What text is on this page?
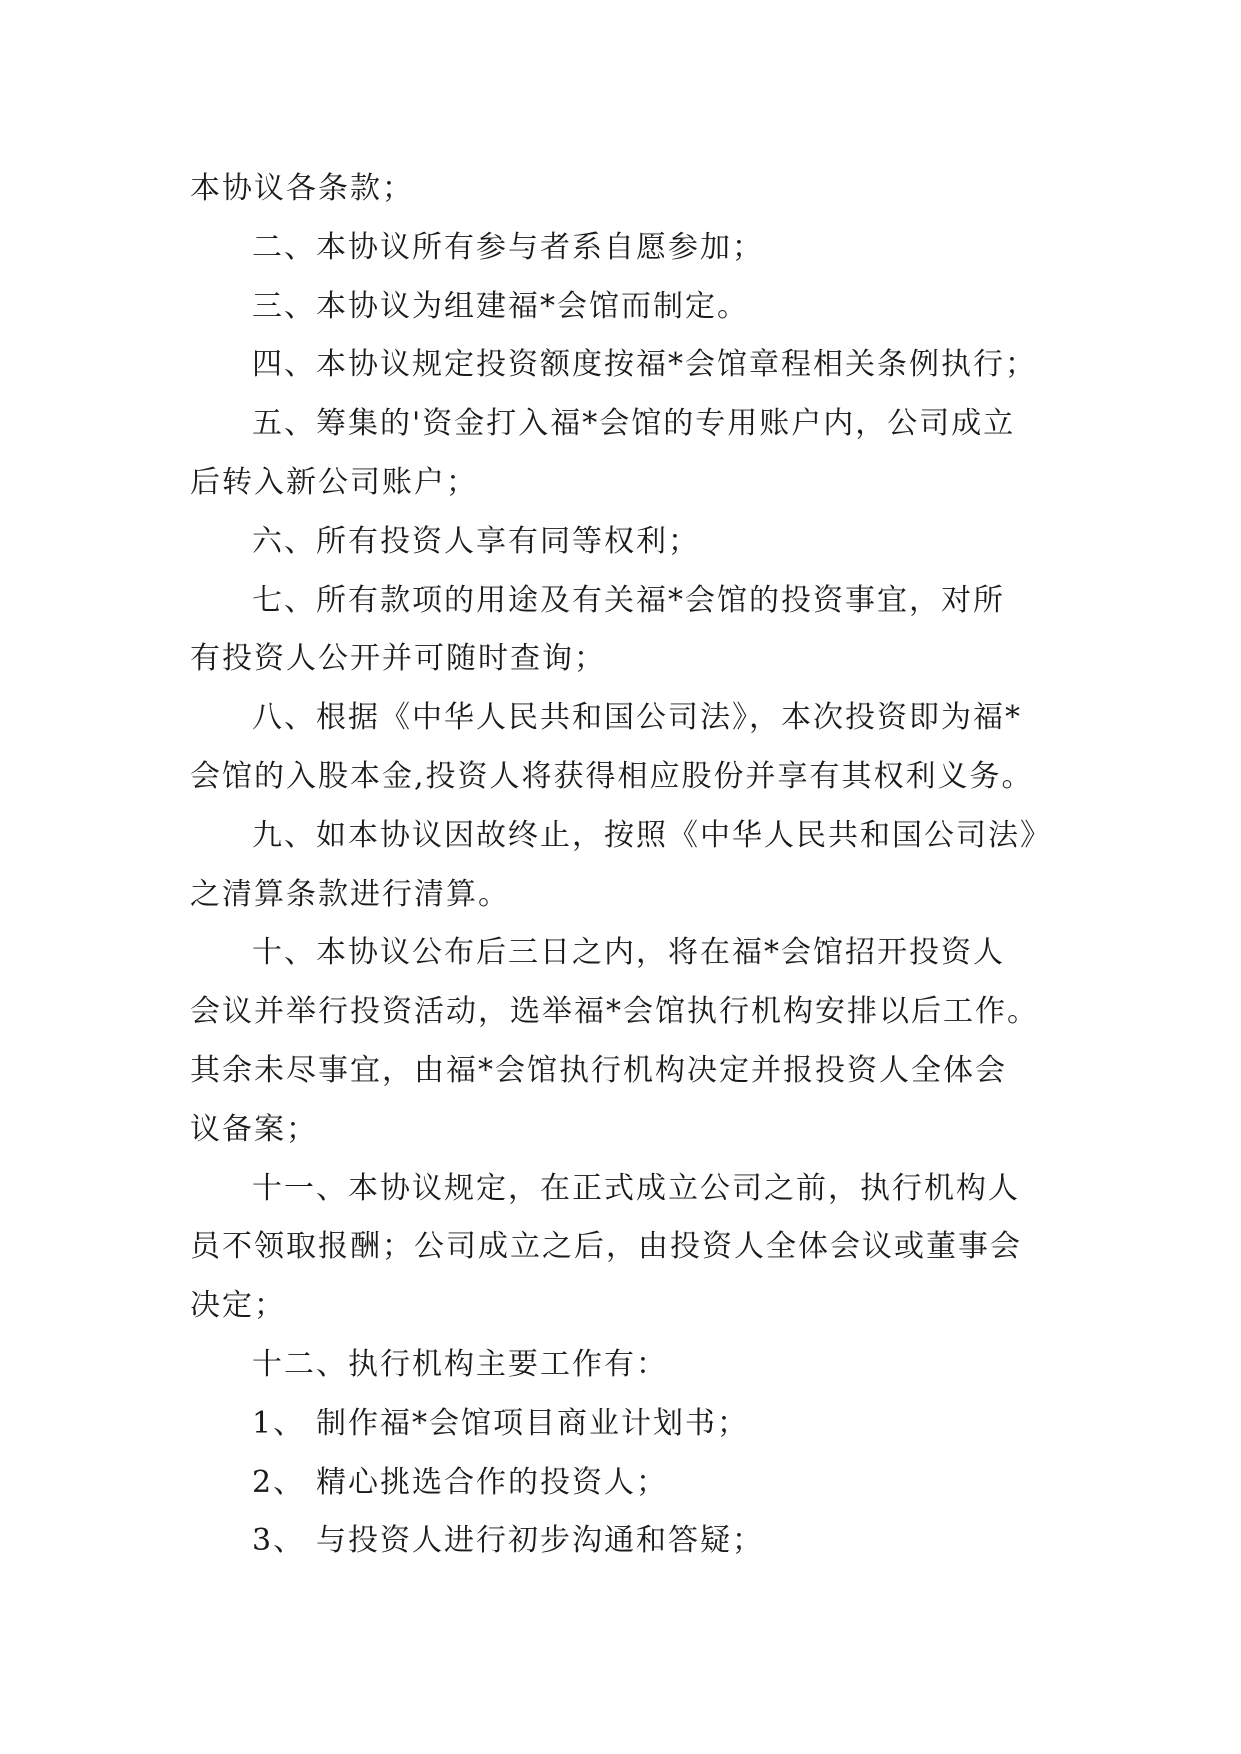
本协议各条款；
二、本协议所有参与者系自愿参加；
三、本协议为组建福*会馆而制定。
四、本协议规定投资额度按福*会馆章程相关条例执行；
五、筹集的'资金打入福*会馆的专用账户内，公司成立
后转入新公司账户；
六、所有投资人享有同等权利；
七、所有款项的用途及有关福*会馆的投资事宜，对所
有投资人公开并可随时查询；
八、根据《中华人民共和国公司法》，本次投资即为福*
会馆的入股本金,投资人将获得相应股份并享有其权利义务。
九、如本协议因故终止，按照《中华人民共和国公司法》
之清算条款进行清算。
十、本协议公布后三日之内，将在福*会馆招开投资人
会议并举行投资活动，选举福*会馆执行机构安排以后工作。
其余未尽事宜，由福*会馆执行机构决定并报投资人全体会
议备案；
十一、本协议规定，在正式成立公司之前，执行机构人
员不领取报酬；公司成立之后，由投资人全体会议或董事会
决定；
十二、执行机构主要工作有：
1、 制作福*会馆项目商业计划书；
2、 精心挑选合作的投资人；
3、 与投资人进行初步沟通和答疑；
